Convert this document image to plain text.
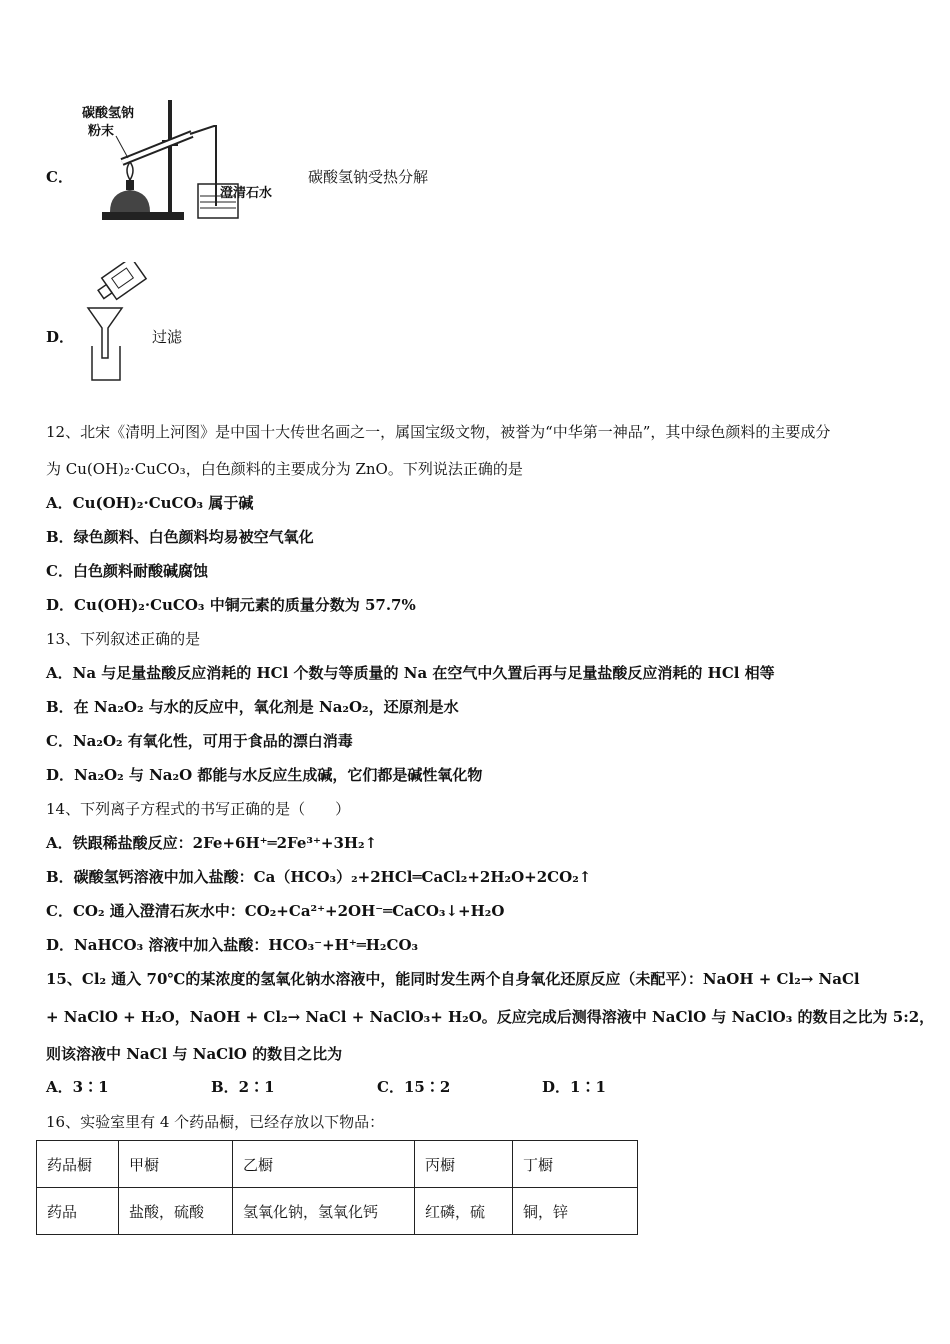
C．
碳酸氢钠
粉末
澄清石水
碳酸氢钠受热分解
D．	过滤
12、北宋《清明上河图》是中国十大传世名画之一，属国宝级文物，被誉为“中华第一神品”，其中绿色颜料的主要成分
为 Cu(OH)₂·CuCO₃，白色颜料的主要成分为 ZnO。下列说法正确的是
A．Cu(OH)₂·CuCO₃ 属于碱
B．绿色颜料、白色颜料均易被空气氧化
C．白色颜料耐酸碱腐蚀
D．Cu(OH)₂·CuCO₃ 中铜元素的质量分数为 57.7%
13、下列叙述正确的是
A．Na 与足量盐酸反应消耗的 HCl 个数与等质量的 Na 在空气中久置后再与足量盐酸反应消耗的 HCl 相等
B．在 Na₂O₂ 与水的反应中，氧化剂是 Na₂O₂，还原剂是水
C．Na₂O₂ 有氧化性，可用于食品的漂白消毒
D．Na₂O₂ 与 Na₂O 都能与水反应生成碱，它们都是碱性氧化物
14、下列离子方程式的书写正确的是（　　）
A．铁跟稀盐酸反应：2Fe+6H⁺═2Fe³⁺+3H₂↑
B．碳酸氢钙溶液中加入盐酸：Ca（HCO₃）₂+2HCl═CaCl₂+2H₂O+2CO₂↑
C．CO₂ 通入澄清石灰水中：CO₂+Ca²⁺+2OH⁻═CaCO₃↓+H₂O
D．NaHCO₃ 溶液中加入盐酸：HCO₃⁻+H⁺═H₂CO₃
15、Cl₂ 通入 70℃的某浓度的氢氧化钠水溶液中，能同时发生两个自身氧化还原反应（未配平）：NaOH + Cl₂→ NaCl
+ NaClO + H₂O，NaOH + Cl₂→ NaCl + NaClO₃+ H₂O。反应完成后测得溶液中 NaClO 与 NaClO₃ 的数目之比为 5:2，
则该溶液中 NaCl 与 NaClO 的数目之比为
A．3∶1	B．2∶1	C．15∶2	D．1∶1
16、实验室里有 4 个药品橱，已经存放以下物品：
药品橱	甲橱	乙橱	丙橱	丁橱
药品	盐酸，硫酸	氢氧化钠，氢氧化钙	红磷，硫	铜，锌
